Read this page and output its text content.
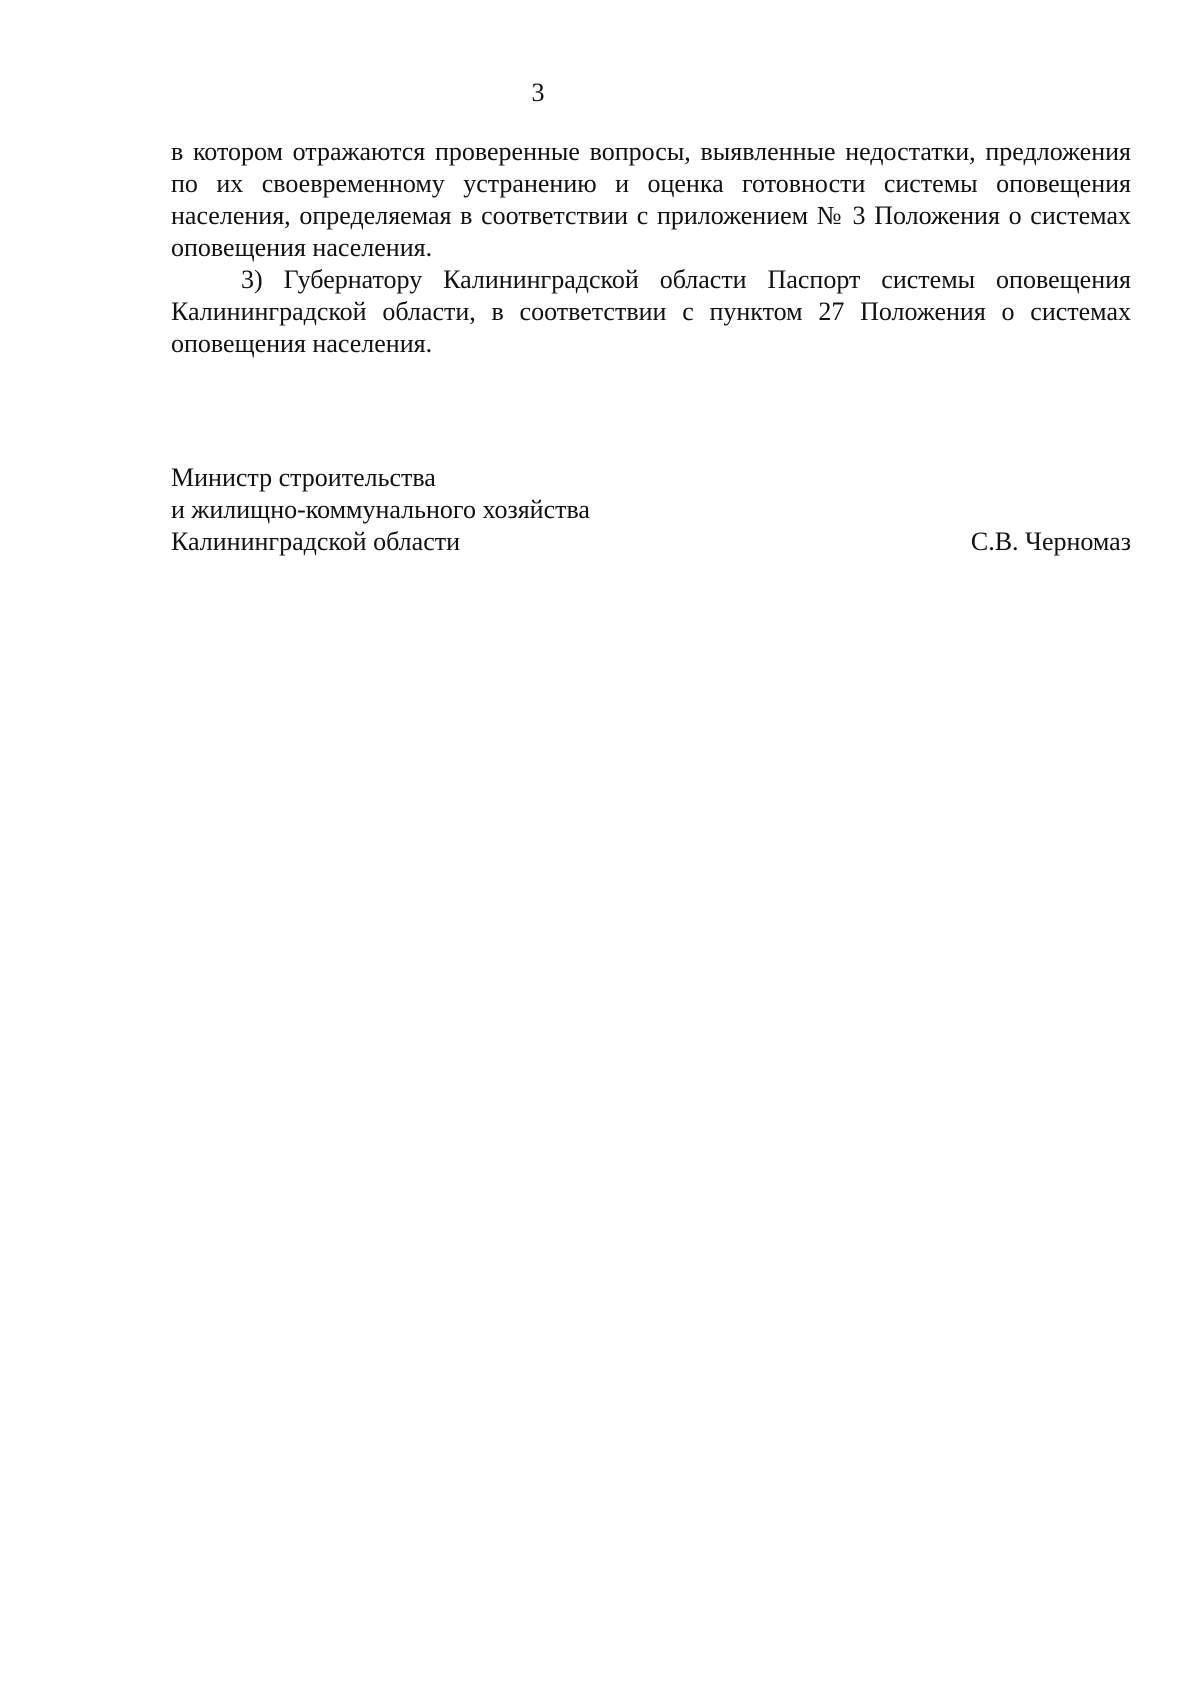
3

в котором отражаются проверенные вопросы, выявленные недостатки, предложения по их своевременному устранению и оценка готовности системы оповещения населения, определяемая в соответствии с приложением № 3 Положения о системах оповещения населения.

3) Губернатору Калининградской области Паспорт системы оповещения Калининградской области, в соответствии с пунктом 27 Положения о системах оповещения населения.

Министр строительства
и жилищно-коммунального хозяйства
Калининградской области	С.В. Черномаз
